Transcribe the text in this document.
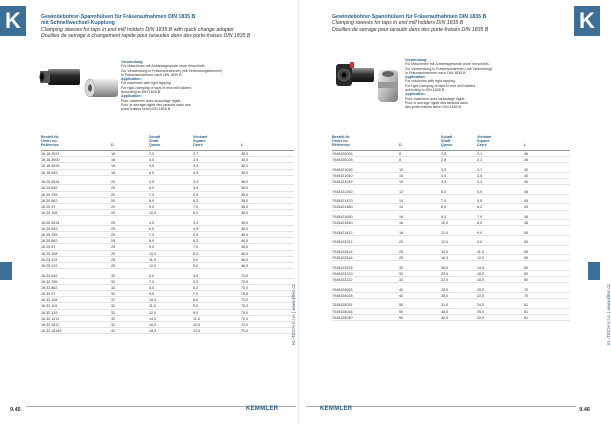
K	Gewindebohrer-Spannhülsen für Fräseraufnahmen DIN 1835 B
mit Schnellwechsel-Kupplung
Clamping sleeves for taps in end mill holders DIN 1835 B with quick change adapter
Douilles de serrage à changement rapide pour taraudes dans des porte-fraises DIN 1835 B
Verwendung:
Für Maschinen mit Antriebsgewinde ohne Verschleiß.
Zur Verwendung in Fräseraufnahmen (mit Verbindungselement)
in Fräseraufnahmen nach DIN 1835 B.
Application:
For machines with rigid tapping.
For rigid clamping of taps in end mill holders
according to DIN 1835 B.
Application:
Pour machines avec taraudage rigide.
Pour le serrage rigide des tarauds dans des
porte-fraises selon DIN 1835 B.
Bestell-Nr.
Order no.
Référence	D
Schaft
Shaft
Queue
Vierkant
Square
Carré	L
16.16.2537	16	2,5	2,7	38,0
16.16.4000	16	4,0	3,0	38,0
16.16.4534	16	4,5	3,4	38,0
16.16.649	16	6,0	4,9	38,0
16.20.4534	20	4,5	3,4	38,0
16.20.649	20	6,0	4,9	38,0
16.20.755	20	7,0	5,5	38,0
16.20.862	20	8,0	6,2	38,0
16.20.97	20	9,0	7,0	38,0
16.20.108	20	10,0	8,0	38,0
16.25.4534	25	4,5	3,4	48,0
16.25.649	25	6,0	4,9	48,0
16.25.755	25	7,0	5,5	48,0
16.25.862	25	8,0	6,2	48,0
16.25.97	25	9,0	7,0	48,0
16.25.108	25	10,0	8,0	48,0
16.25.119	25	11,0	9,0	48,0
16.25.129	25	12,0	9,0	48,0
16.32.649	32	6,0	4,9	70,0
16.32.755	32	7,0	5,5	70,0
16.32.862	32	8,0	6,2	70,0
16.32.97	32	9,0	7,0	70,0
16.32.108	32	10,0	8,0	70,0
16.32.119	32	11,0	9,0	70,0
16.32.129	32	12,0	9,0	70,0
16.32.1411	32	14,0	11,0	70,0
16.32.1612	32	16,0	12,0	70,0
16.32.18145	32	18,0	14,5	70,0	KL-TECH s.r.o. | www.kltec.cz
9.45	KEMMLER
K
Gewindebohrer-Spannhülsen für Fräseraufnahmen DIN 1835 B
Clamping sleeves for taps in end mill holders DIN 1835 B
Douilles de serrage pour tarauds dans des porte-fraises DIN 1835 B
Verwendung:
Für Maschinen mit Antriebsgewinde ohne Verschleiß.
Zur Verwendung in Fräseraufnahmen (mit Verbindung)
in Fräseraufnahmen nach DIN 1835 B.
Application:
For machines with rigid tapping.
For rigid clamping of taps in end mill holders
according to DIN 1835 B.
Application:
Pour machines avec taraudage rigide.
Pour le serrage rigide des tarauds dans
des porte-fraises selon DIN 1835 B.
Bestell-Nr.
Order no.
Référence	D
Schaft
Shaft
Queue
Vierkant
Square
Carré	L
7045420025	8	2,5	2,1	36
7045420028	8	2,8	2,1	36
7045421035	10	3,5	2,7	40
7045421040	10	4,0	3,0	40
7045421045	10	4,5	3,4	40
7045421260	12	6,0	4,9	45
7045421470	14	7,0	5,5	45
7045421480	14	8,0	6,2	45
7045421690	16	9,0	7,0	48
7045421610	16	10,0	8,0	48
7045421812	18	12,0	9,0	50
7045422012	20	12,0	9,0	50
7045422514	25	14,0	11,0	56
7045422516	25	16,0	12,0	56
7045423218	32	18,0	14,5	60
7045423220	32	20,0	16,0	60
7045423222	32	22,0	18,0	60
7045424025	40	25,0	20,0	70
7045424028	40	28,0	22,0	70
7045425031	50	31,0	24,0	81
7045425036	50	36,0	29,0	81
7045425040	50	40,0	32,0	81	KL-TECH s.r.o. | www.kltec.cz
9.46
KEMMLER
